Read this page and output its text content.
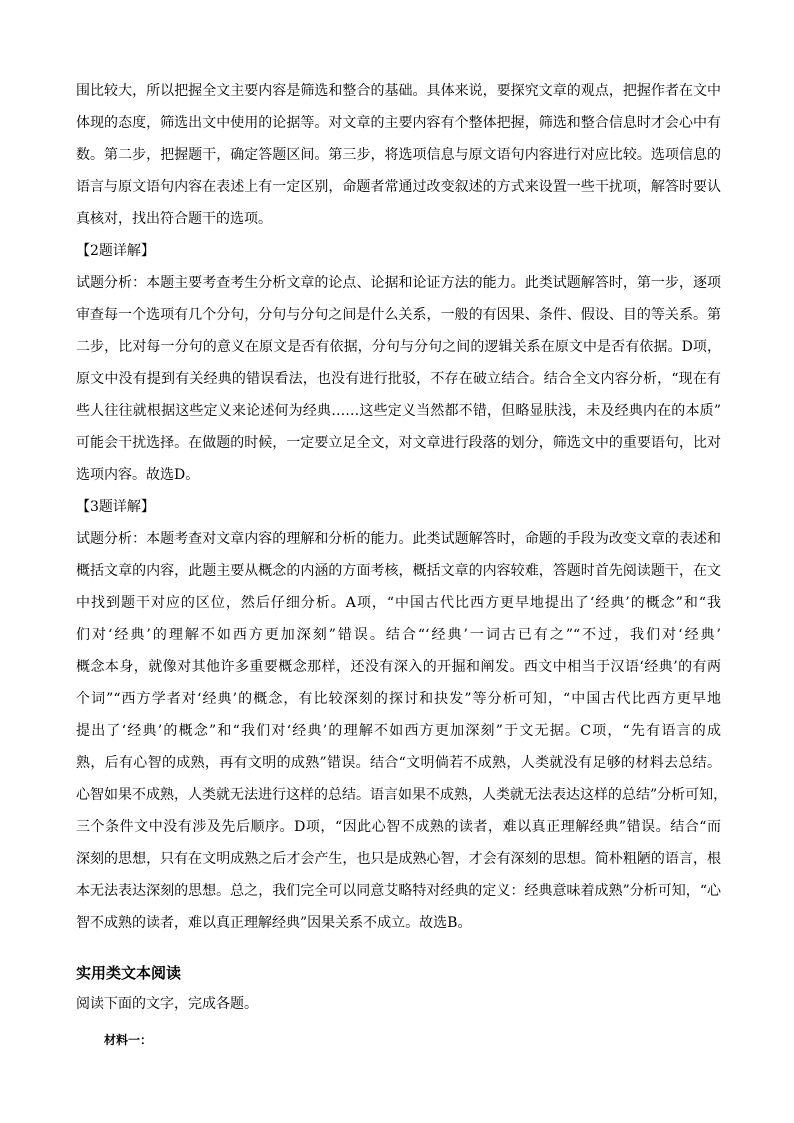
围比较大，所以把握全文主要内容是筛选和整合的基础。具体来说，要探究文章的观点，把握作者在文中
体现的态度，筛选出文中使用的论据等。对文章的主要内容有个整体把握，筛选和整合信息时才会心中有
数。第二步，把握题干，确定答题区间。第三步，将选项信息与原文语句内容进行对应比较。选项信息的
语言与原文语句内容在表述上有一定区别，命题者常通过改变叙述的方式来设置一些干扰项，解答时要认
真核对，找出符合题干的选项。
【2题详解】
试题分析：本题主要考查考生分析文章的论点、论据和论证方法的能力。此类试题解答时，第一步，逐项
审查每一个选项有几个分句，分句与分句之间是什么关系，一般的有因果、条件、假设、目的等关系。第
二步，比对每一分句的意义在原文是否有依据，分句与分句之间的逻辑关系在原文中是否有依据。D项，
原文中没有提到有关经典的错误看法，也没有进行批驳，不存在破立结合。结合全文内容分析，“现在有
些人往往就根据这些定义来论述何为经典……这些定义当然都不错，但略显肤浅，未及经典内在的本质”
可能会干扰选择。在做题的时候，一定要立足全文，对文章进行段落的划分，筛选文中的重要语句，比对
选项内容。故选D。
【3题详解】
试题分析：本题考查对文章内容的理解和分析的能力。此类试题解答时，命题的手段为改变文章的表述和
概括文章的内容，此题主要从概念的内涵的方面考核，概括文章的内容较难，答题时首先阅读题干，在文
中找到题干对应的区位，然后仔细分析。A项，“中国古代比西方更早地提出了‘经典’的概念”和“我
们对‘经典’的理解不如西方更加深刻”错误。结合“‘经典’一词古已有之”“不过，我们对‘经典’
概念本身，就像对其他许多重要概念那样，还没有深入的开掘和阐发。西文中相当于汉语‘经典’的有两
个词”“西方学者对‘经典’的概念，有比较深刻的探讨和抉发”等分析可知，“中国古代比西方更早地
提出了‘经典’的概念”和“我们对‘经典’的理解不如西方更加深刻”于文无据。C项，“先有语言的成
熟，后有心智的成熟，再有文明的成熟”错误。结合“文明倘若不成熟，人类就没有足够的材料去总结。
心智如果不成熟，人类就无法进行这样的总结。语言如果不成熟，人类就无法表达这样的总结”分析可知，
三个条件文中没有涉及先后顺序。D项，“因此心智不成熟的读者，难以真正理解经典”错误。结合“而
深刻的思想，只有在文明成熟之后才会产生，也只是成熟心智，才会有深刻的思想。简朴粗陋的语言，根
本无法表达深刻的思想。总之，我们完全可以同意艾略特对经典的定义：经典意味着成熟”分析可知，“心
智不成熟的读者，难以真正理解经典”因果关系不成立。故选B。
实用类文本阅读
阅读下面的文字，完成各题。
材料一：
